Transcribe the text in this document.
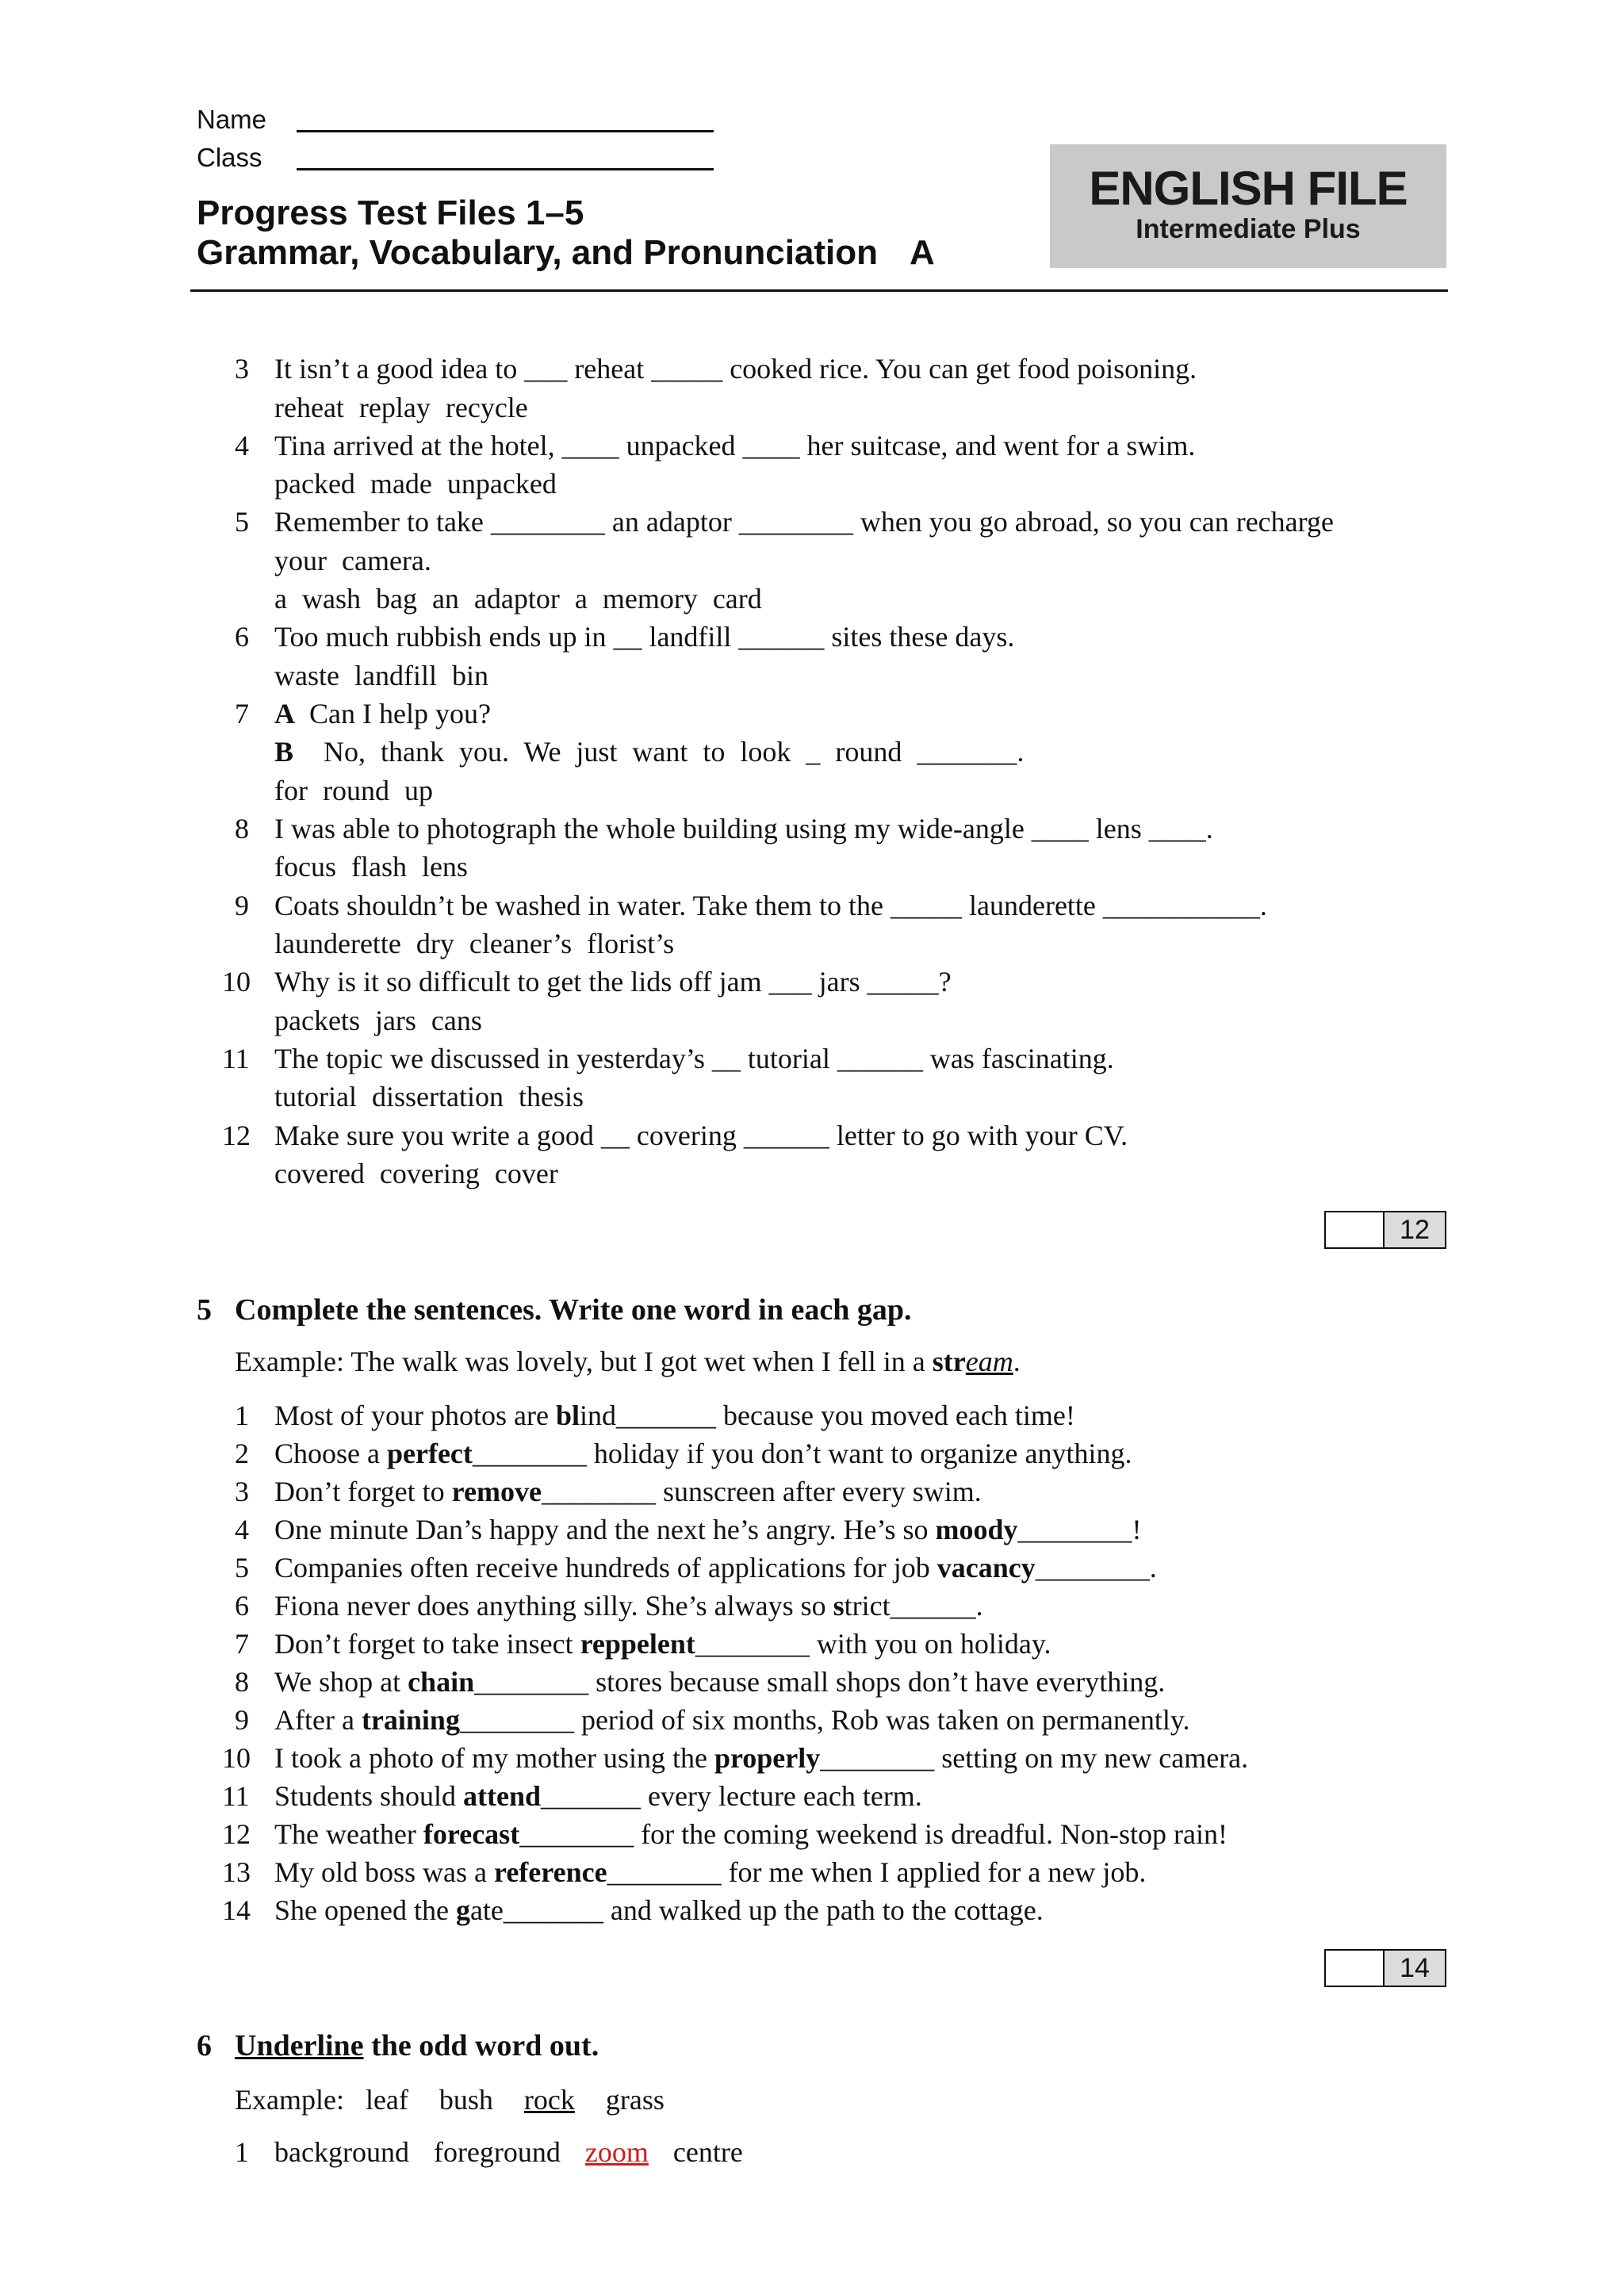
Name
Class
Progress Test Files 1–5
Grammar, Vocabulary, and Pronunciation A
ENGLISH FILE
Intermediate Plus
3 It isn’t a good idea to ___ reheat _____ cooked rice. You can get food poisoning.
reheat replay recycle
4 Tina arrived at the hotel, ____ unpacked ____ her suitcase, and went for a swim.
packed made unpacked
5 Remember to take ________ an adaptor ________ when you go abroad, so you can recharge
your camera.
a wash bag an adaptor a memory card
6 Too much rubbish ends up in __ landfill ______ sites these days.
waste landfill bin
7 A Can I help you?
B No, thank you. We just want to look _ round _______.
for round up
8 I was able to photograph the whole building using my wide-angle ____ lens ____.
focus flash lens
9 Coats shouldn’t be washed in water. Take them to the _____ launderette ___________.
launderette dry cleaner’s florist’s
10 Why is it so difficult to get the lids off jam ___ jars _____?
packets jars cans
11 The topic we discussed in yesterday’s __ tutorial ______ was fascinating.
tutorial dissertation thesis
12 Make sure you write a good __ covering ______ letter to go with your CV.
covered covering cover
12
5 Complete the sentences. Write one word in each gap.
Example: The walk was lovely, but I got wet when I fell in a stream.
1 Most of your photos are blind_______ because you moved each time!
2 Choose a perfect________ holiday if you don’t want to organize anything.
3 Don’t forget to remove________ sunscreen after every swim.
4 One minute Dan’s happy and the next he’s angry. He’s so moody________!
5 Companies often receive hundreds of applications for job vacancy________.
6 Fiona never does anything silly. She’s always so strict______.
7 Don’t forget to take insect reppelent________ with you on holiday.
8 We shop at chain________ stores because small shops don’t have everything.
9 After a training________ period of six months, Rob was taken on permanently.
10 I took a photo of my mother using the properly________ setting on my new camera.
11 Students should attend_______ every lecture each term.
12 The weather forecast________ for the coming weekend is dreadful. Non-stop rain!
13 My old boss was a reference________ for me when I applied for a new job.
14 She opened the gate_______ and walked up the path to the cottage.
14
6 Underline the odd word out.
Example: leaf bush rock grass
1 background foreground zoom centre
